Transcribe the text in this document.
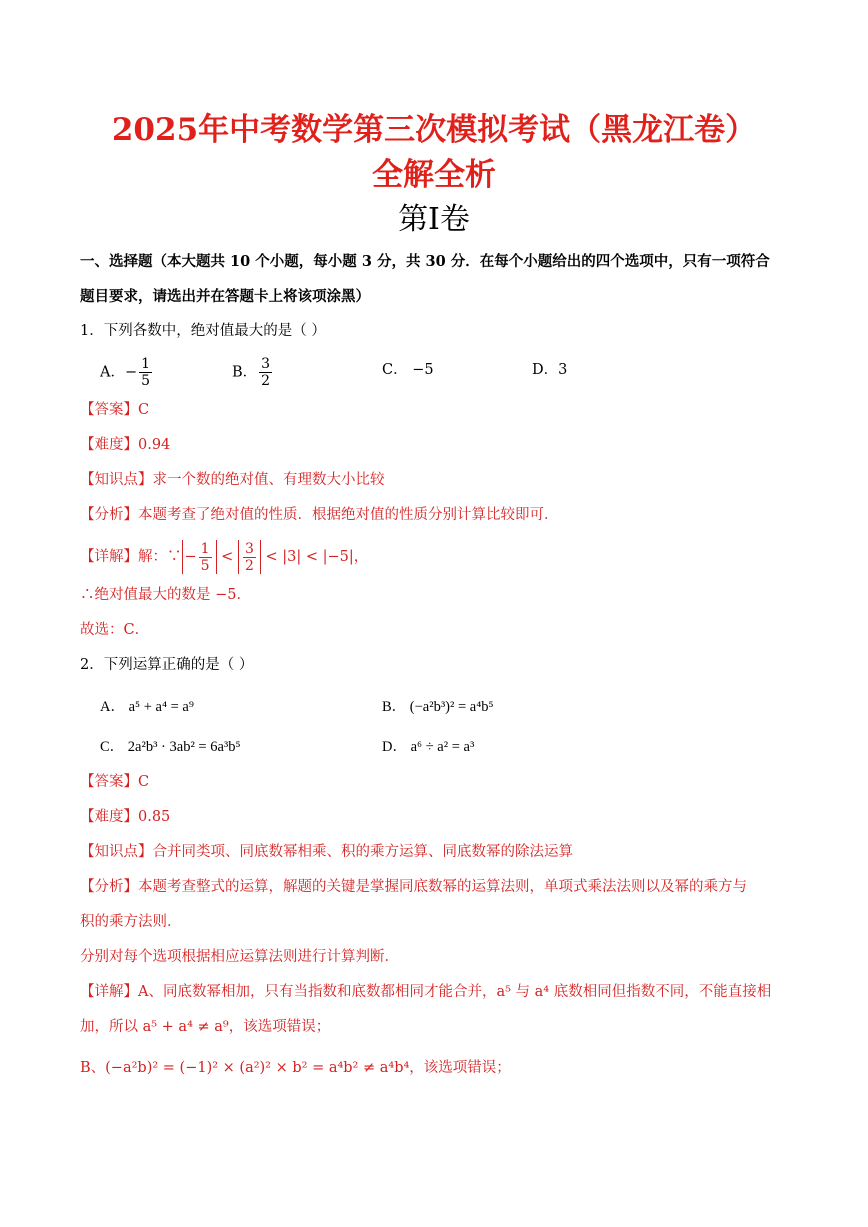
2025年中考数学第三次模拟考试（黑龙江卷）
全解全析
第I卷
一、选择题（本大题共 10 个小题，每小题 3 分，共 30 分．在每个小题给出的四个选项中，只有一项符合
题目要求，请选出并在答题卡上将该项涂黑）
1．下列各数中，绝对值最大的是（ ）
A．− $\frac{1}{5}$	B． $\frac{3}{2}$	C． −5	D．3
【答案】C
【难度】0.94
【知识点】求一个数的绝对值、有理数大小比较
【分析】本题考查了绝对值的性质．根据绝对值的性质分别计算比较即可．
【详解】解：∵ − $\frac{1}{5} < \frac{3}{2} < |3| < |-5|$，
∴绝对值最大的数是 −5．
故选：C．
2．下列运算正确的是（ ）
A． a⁵ + a⁴ = a⁹	B． (−a²b³)² = a⁴b⁵
C． 2a²b³ · 3ab² = 6a³b⁵	D． a⁶ ÷ a² = a³
【答案】C
【难度】0.85
【知识点】合并同类项、同底数幂相乘、积的乘方运算、同底数幂的除法运算
【分析】本题考查整式的运算，解题的关键是掌握同底数幂的运算法则，单项式乘法法则以及幂的乘方与
积的乘方法则．
分别对每个选项根据相应运算法则进行计算判断．
【详解】A、同底数幂相加，只有当指数和底数都相同才能合并，a⁵ 与 a⁴ 底数相同但指数不同，不能直接相
加，所以 a⁵ + a⁴ ≠ a⁹，该选项错误；
B、(−a²b)² = (−1)² × (a²)² × b² = a⁴b² ≠ a⁴b⁴，该选项错误；
